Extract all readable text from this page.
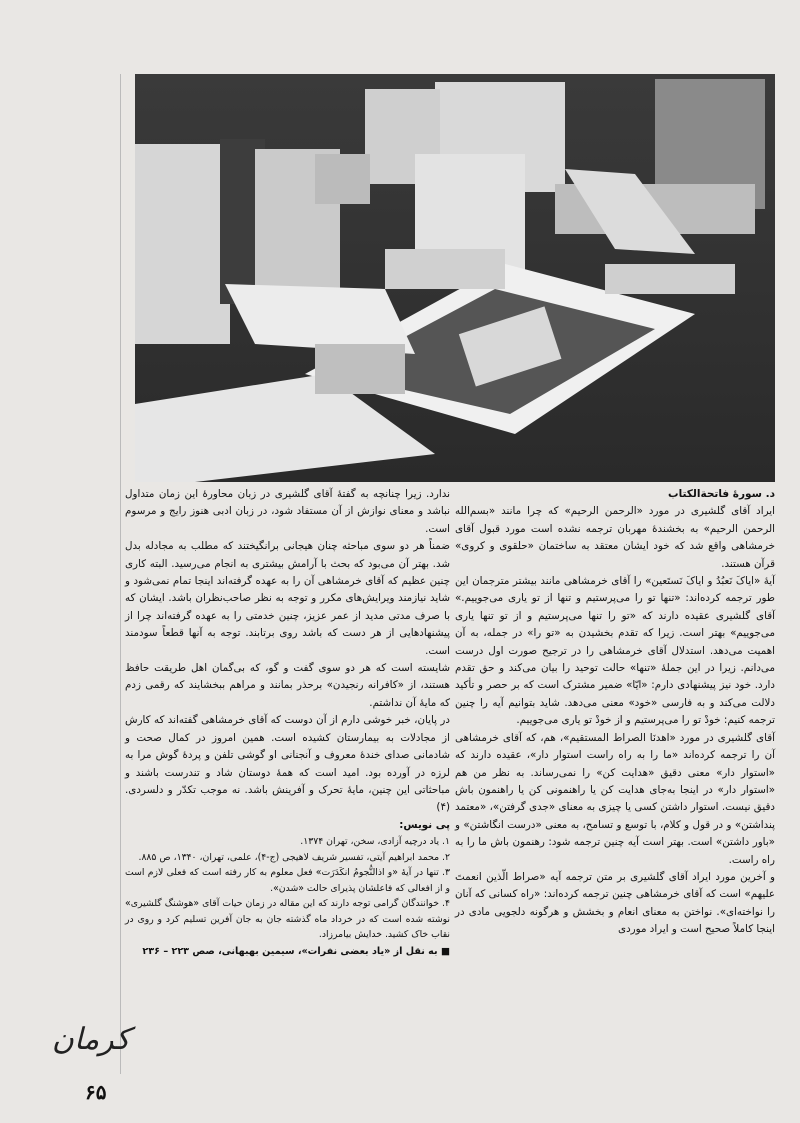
د. سورهٔ فاتحة‌الکتاب

ایراد آقای گلشیری در مورد «الرحمن الرحیم» که چرا مانند «بسم‌الله الرحمن الرحیم» به بخشندهٔ مهربان ترجمه نشده است مورد قبول آقای خرمشاهی واقع شد که خود ایشان معتقد به ساختمان «حلقوی و کروی» قرآن هستند.

آیهٔ «ایاکَ نَعبُدُ و ایاکَ نَستَعین» را آقای خرمشاهی مانند بیشتر مترجمان این طور ترجمه کرده‌اند: «تنها تو را می‌پرستیم و تنها از تو یاری می‌جوییم.» آقای گلشیری عقیده دارند که «تو را تنها می‌پرستیم و از تو تنها یاری می‌جوییم» بهتر است. زیرا که تقدم بخشیدن به «تو را» در جمله، به آن اهمیت می‌دهد. استدلال آقای خرمشاهی را در ترجیح صورت اول درست می‌دانم. زیرا در این جملهٔ «تنها» حالت توحید را بیان می‌کند و حق تقدم دارد. خود نیز پیشنهادی دارم: «ایّا» ضمیر مشترک است که بر حصر و تأکید دلالت می‌کند و به فارسی «خود» معنی می‌دهد. شاید بتوانیم آیه را چنین ترجمه کنیم: خودْ تو را می‌پرستیم و از خودْ تو یاری می‌جوییم.

آقای گلشیری در مورد «اهدنَا الصراط المستقیم»، هم، که آقای خرمشاهی آن را ترجمه کرده‌اند «ما را به راه راست استوار دار»، عقیده دارند که «استوار دار» معنی دقیق «هدایت کن» را نمی‌رساند. به نظر من هم «استوار دار» در اینجا به‌جای هدایت کن یا راهنمونی کن یا راهنمون باش دقیق نیست. استوار داشتن کسی یا چیزی به معنای «جدی گرفتن»، «معتمد پنداشتن» و در قول و کلام، با توسع و تسامح، به معنی «درست انگاشتن» و «باور داشتن» است. بهتر است آیه چنین ترجمه شود: رهنمون باش ما را به راه راست.

و آخرین مورد ایراد آقای گلشیری بر متن ترجمه آیه «صراط الّذین انعمتَ علیهم» است که آقای خرمشاهی چنین ترجمه کرده‌اند: «راه کسانی که آنان را نواخته‌ای». نواختن به معنای انعام و بخشش و هرگونه دلجویی مادی در اینجا کاملاً صحیح است و ایراد موردی

ندارد. زیرا چنانچه به گفتهٔ آقای گلشیری در زبان محاورهٔ این زمان متداول نباشد و معنای نوازش از آن مستفاد شود، در زبان ادبی هنوز رایج و مرسوم است.

ضمناً هر دو سوی مباحثه چنان هیجانی برانگیختند که مطلب به مجادله بدل شد. بهتر آن می‌بود که بحث با آرامش بیشتری به انجام می‌رسید. البته کاری چنین عظیم که آقای خرمشاهی آن را به عهده گرفته‌اند اینجا تمام نمی‌شود و شاید نیازمند ویرایش‌های مکرر و توجه به نظر صاحب‌نظران باشد. ایشان که با صرف مدتی مدید از عمر عزیز، چنین خدمتی را به عهده گرفته‌اند چرا از پیشنهادهایی از هر دست که باشد روی برتابند. توجه به آنها قطعاً سودمند است.

شایسته است که هر دو سوی گفت و گو، که بی‌گمان اهل طریقت حافظ هستند، از «کافرانه رنجیدن» برحذر بمانند و مراهم ببخشایند که رقمی زدم که مایهٔ آن نداشتم.

در پایان، خبر خوشی دارم از آن دوست که آقای خرمشاهی گفته‌اند که کارش از مجادلات به بیمارستان کشیده است. همین امروز در کمال صحت و شادمانی صدای خندهٔ معروف و آنجنانی او گوشی تلفن و پردهٔ گوش مرا به لرزه در آورده بود. امید است که همهٔ دوستان شاد و تندرست باشند و مباحثاتی این چنین، مایهٔ تحرک و آفرینش باشد. نه موجب تکدّر و دلسردی. (۴)

پی نویس:

۱. یاد درچیه آزادی، سخن، تهران ۱۳۷۴.

۲. محمد ابراهیم آیتی، تفسیر شریف لاهیجی (ج-۴)، علمی، تهران، ۱۳۴۰، ص ۸۸۵.

۳. تنها در آیهٔ «و اذالنُّجومُ انکَدَرَت» فعل معلوم به کار رفته است که فعلی لازم است و از افعالی که فاعلشان پذیرای حالت «شدن».

۴. خوانندگان گرامی توجه دارند که این مقاله در زمان حیات آقای «هوشنگ گلشیری» نوشته شده است که در خرداد ماه گذشته جان به جان آفرین تسلیم کرد و روی در نقاب خاک کشید. خدایش بیامرزاد.

■ به نقل از «یاد بعضی نفرات»، سیمین بهبهانی، صص ۲۲۳ – ۲۳۶

کرمان
۶۵
